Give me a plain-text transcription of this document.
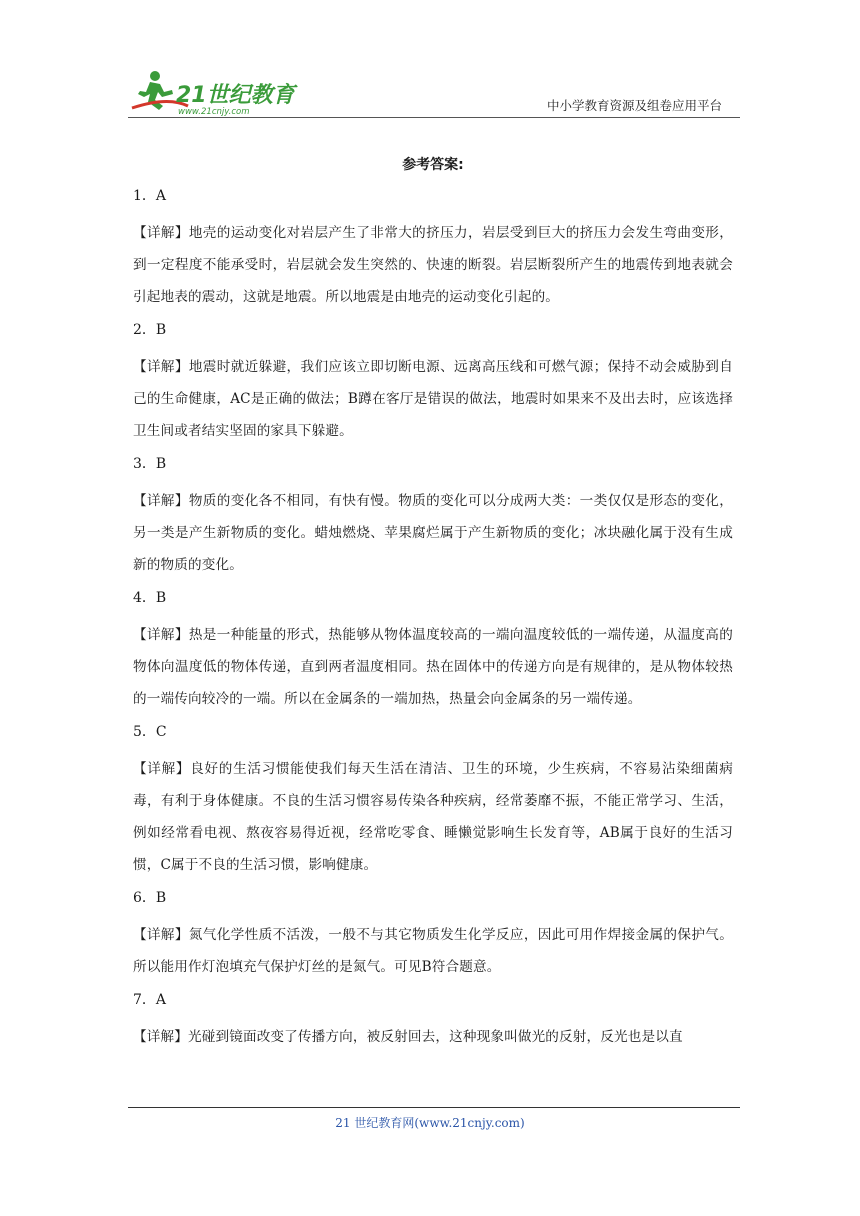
21世纪教育
www.21cnjy.com	中小学教育资源及组卷应用平台
参考答案:
1．A
【详解】地壳的运动变化对岩层产生了非常大的挤压力，岩层受到巨大的挤压力会发生弯曲变形，到一定程度不能承受时，岩层就会发生突然的、快速的断裂。岩层断裂所产生的地震传到地表就会引起地表的震动，这就是地震。所以地震是由地壳的运动变化引起的。
2．B
【详解】地震时就近躲避，我们应该立即切断电源、远离高压线和可燃气源；保持不动会威胁到自己的生命健康，AC是正确的做法；B蹲在客厅是错误的做法，地震时如果来不及出去时，应该选择卫生间或者结实坚固的家具下躲避。
3．B
【详解】物质的变化各不相同，有快有慢。物质的变化可以分成两大类：一类仅仅是形态的变化，另一类是产生新物质的变化。蜡烛燃烧、苹果腐烂属于产生新物质的变化；冰块融化属于没有生成新的物质的变化。
4．B
【详解】热是一种能量的形式，热能够从物体温度较高的一端向温度较低的一端传递，从温度高的物体向温度低的物体传递，直到两者温度相同。热在固体中的传递方向是有规律的，是从物体较热的一端传向较冷的一端。所以在金属条的一端加热，热量会向金属条的另一端传递。
5．C
【详解】良好的生活习惯能使我们每天生活在清洁、卫生的环境，少生疾病，不容易沾染细菌病毒，有利于身体健康。不良的生活习惯容易传染各种疾病，经常萎靡不振，不能正常学习、生活，例如经常看电视、熬夜容易得近视，经常吃零食、睡懒觉影响生长发育等，AB属于良好的生活习惯，C属于不良的生活习惯，影响健康。
6．B
【详解】氮气化学性质不活泼，一般不与其它物质发生化学反应，因此可用作焊接金属的保护气。所以能用作灯泡填充气保护灯丝的是氮气。可见B符合题意。
7．A
【详解】光碰到镜面改变了传播方向，被反射回去，这种现象叫做光的反射，反光也是以直
21 世纪教育网(www.21cnjy.com)
